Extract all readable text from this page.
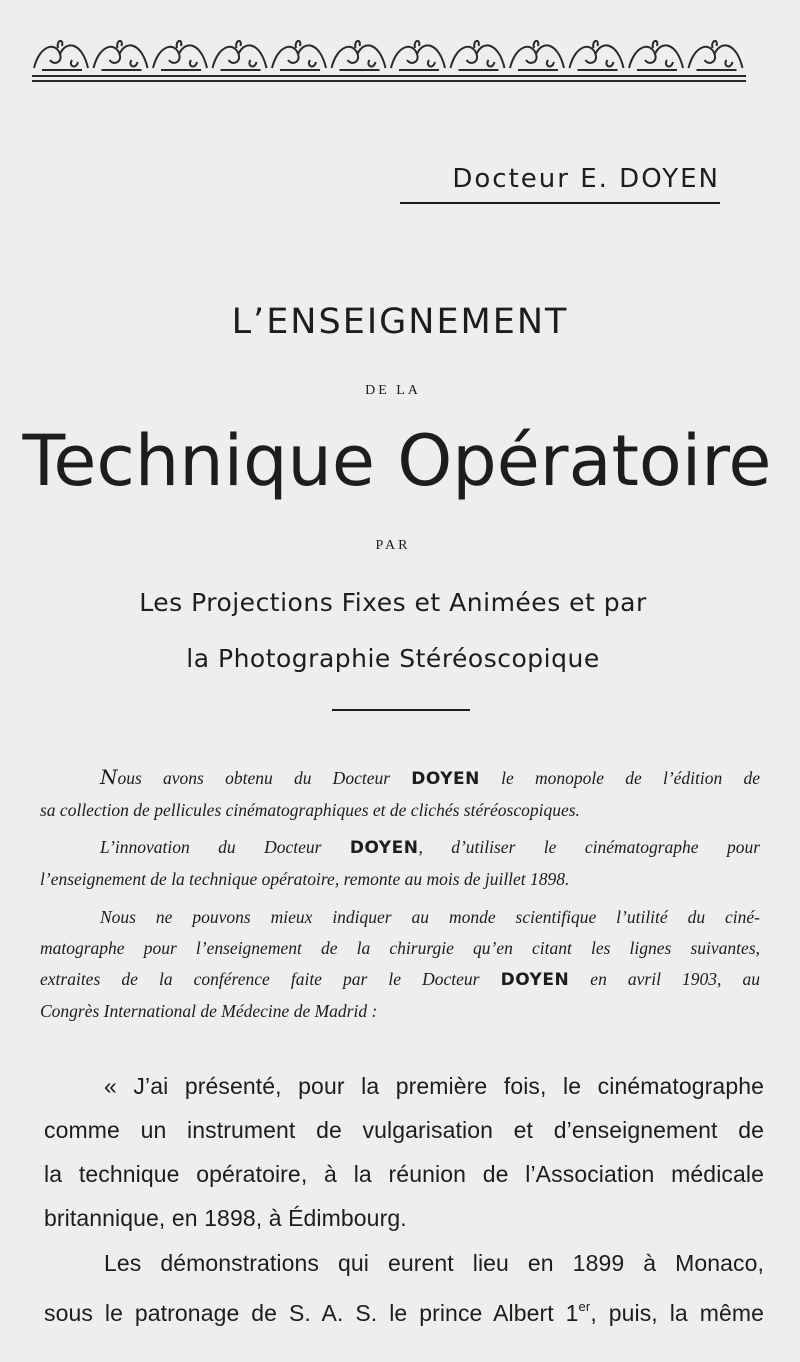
Docteur E. DOYEN
L’ENSEIGNEMENT
DE LA
Technique Opératoire
PAR
Les Projections Fixes et Animées et par
la Photographie Stéréoscopique
Nous avons obtenu du Docteur DOYEN le monopole de l’édition de
sa collection de pellicules cinématographiques et de clichés stéréoscopiques.
L’innovation du Docteur DOYEN, d’utiliser le cinématographe pour
l’enseignement de la technique opératoire, remonte au mois de juillet 1898.
Nous ne pouvons mieux indiquer au monde scientifique l’utilité du ciné-
matographe pour l’enseignement de la chirurgie qu’en citant les lignes suivantes,
extraites de la conférence faite par le Docteur DOYEN en avril 1903, au
Congrès International de Médecine de Madrid :
« J’ai présenté, pour la première fois, le cinématographe
comme un instrument de vulgarisation et d’enseignement de
la technique opératoire, à la réunion de l’Association médicale
britannique, en 1898, à Édimbourg.
Les démonstrations qui eurent lieu en 1899 à Monaco,
sous le patronage de S. A. S. le prince Albert 1er, puis, la même
